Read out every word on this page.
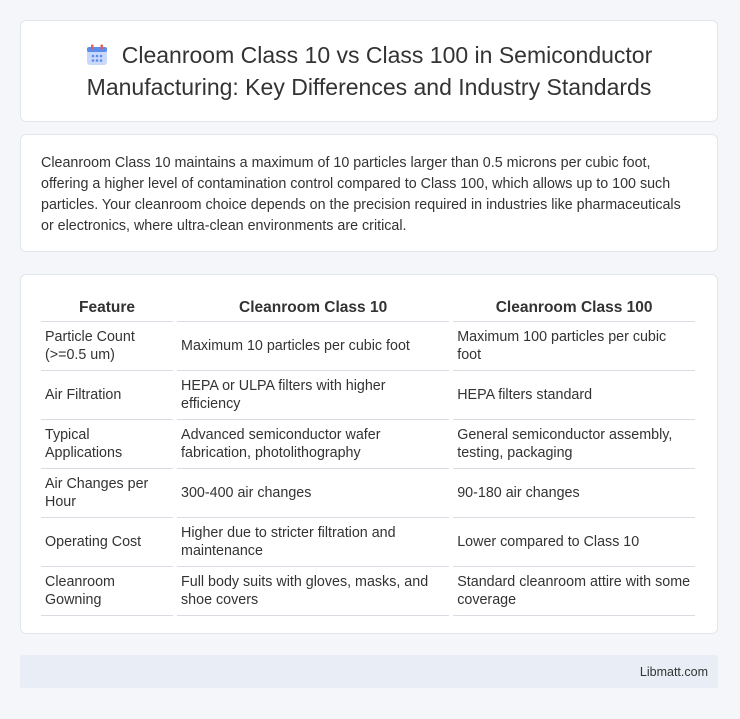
Cleanroom Class 10 vs Class 100 in Semiconductor Manufacturing: Key Differences and Industry Standards

Cleanroom Class 10 maintains a maximum of 10 particles larger than 0.5 microns per cubic foot, offering a higher level of contamination control compared to Class 100, which allows up to 100 such particles. Your cleanroom choice depends on the precision required in industries like pharmaceuticals or electronics, where ultra-clean environments are critical.

Feature	Cleanroom Class 10	Cleanroom Class 100
Particle Count (>=0.5 um)	Maximum 10 particles per cubic foot	Maximum 100 particles per cubic foot
Air Filtration	HEPA or ULPA filters with higher efficiency	HEPA filters standard
Typical Applications	Advanced semiconductor wafer fabrication, photolithography	General semiconductor assembly, testing, packaging
Air Changes per Hour	300-400 air changes	90-180 air changes
Operating Cost	Higher due to stricter filtration and maintenance	Lower compared to Class 10
Cleanroom Gowning	Full body suits with gloves, masks, and shoe covers	Standard cleanroom attire with some coverage
Libmatt.com
